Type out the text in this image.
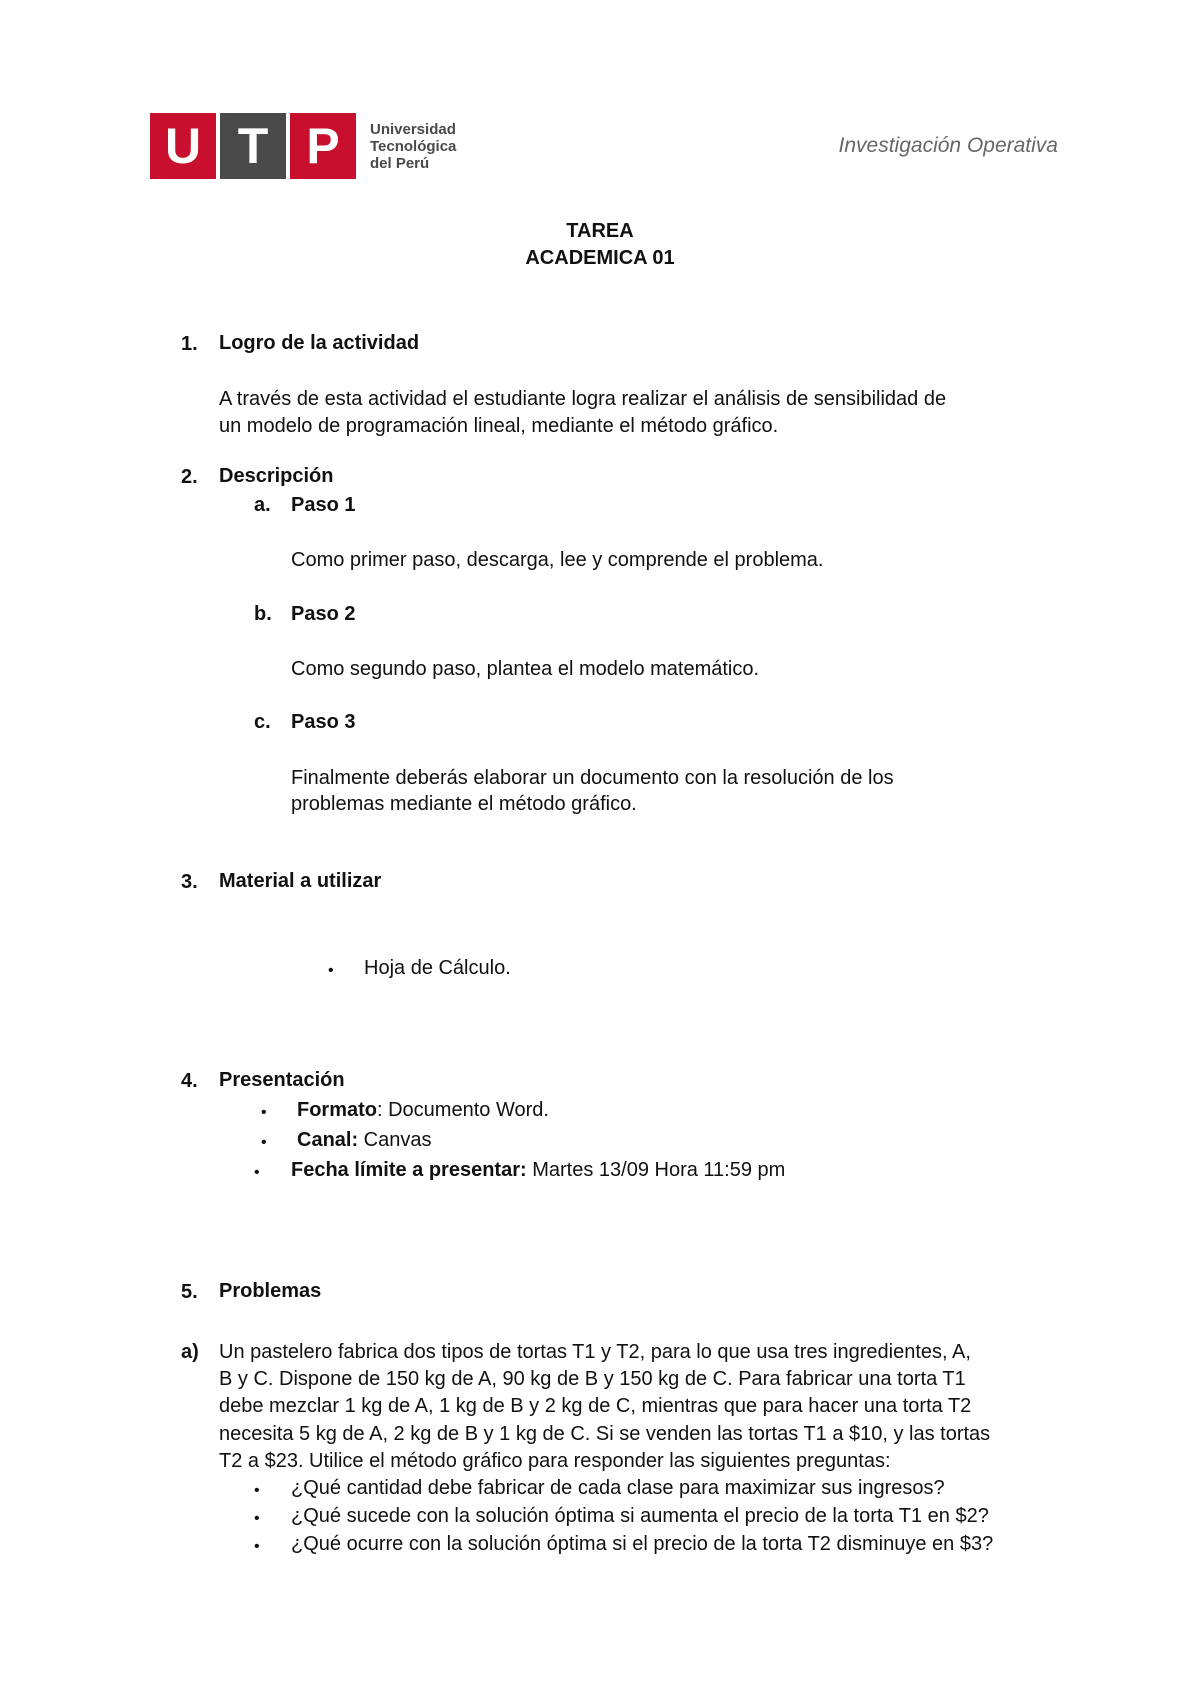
U T P	Universidad
Tecnológica
del Perú
Investigación Operativa
TAREA
ACADEMICA 01
1. Logro de la actividad
A través de esta actividad el estudiante logra realizar el análisis de sensibilidad de
un modelo de programación lineal, mediante el método gráfico.
2. Descripción
a. Paso 1
Como primer paso, descarga, lee y comprende el problema.
b. Paso 2
Como segundo paso, plantea el modelo matemático.
c. Paso 3
Finalmente deberás elaborar un documento con la resolución de los
problemas mediante el método gráfico.
3. Material a utilizar
• Hoja de Cálculo.
4. Presentación
• Formato: Documento Word.
• Canal: Canvas
• Fecha límite a presentar: Martes 13/09 Hora 11:59 pm
5. Problemas
a) Un pastelero fabrica dos tipos de tortas T1 y T2, para lo que usa tres ingredientes, A,
B y C. Dispone de 150 kg de A, 90 kg de B y 150 kg de C. Para fabricar una torta T1
debe mezclar 1 kg de A, 1 kg de B y 2 kg de C, mientras que para hacer una torta T2
necesita 5 kg de A, 2 kg de B y 1 kg de C. Si se venden las tortas T1 a $10, y las tortas
T2 a $23. Utilice el método gráfico para responder las siguientes preguntas:
• ¿Qué cantidad debe fabricar de cada clase para maximizar sus ingresos?
• ¿Qué sucede con la solución óptima si aumenta el precio de la torta T1 en $2?
• ¿Qué ocurre con la solución óptima si el precio de la torta T2 disminuye en $3?
